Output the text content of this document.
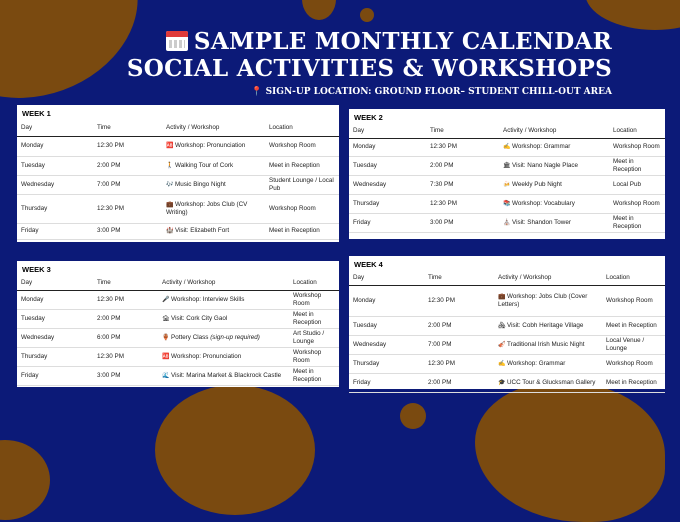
SAMPLE MONTHLY CALENDAR
SOCIAL ACTIVITIES & WORKSHOPS
📍 SIGN-UP LOCATION: GROUND FLOOR– STUDENT CHILL-OUT AREA
WEEK 1
Day	Time	Activity / Workshop	Location
Monday	12:30 PM	🆎 Workshop: Pronunciation	Workshop Room
Tuesday	2:00 PM	🚶 Walking Tour of Cork	Meet in Reception
Wednesday	7:00 PM	🎶 Music Bingo Night	Student Lounge / Local Pub
Thursday	12:30 PM	💼 Workshop: Jobs Club (CV Writing)	Workshop Room
Friday	3:00 PM	🏰 Visit: Elizabeth Fort	Meet in Reception
WEEK 2
Day	Time	Activity / Workshop	Location
Monday	12:30 PM	✍ Workshop: Grammar	Workshop Room
Tuesday	2:00 PM	🏛Visit: Nano Nagle Place	Meet in Reception
Wednesday	7:30 PM	🍻 Weekly Pub Night	Local Pub
Thursday	12:30 PM	📚 Workshop: Vocabulary	Workshop Room
Friday	3:00 PM	⛪ Visit: Shandon Tower	Meet in Reception
WEEK 3
Day	Time	Activity / Workshop	Location
Monday	12:30 PM	🎤 Workshop: Interview Skills	Workshop Room
Tuesday	2:00 PM	🏚Visit: Cork City Gaol	Meet in Reception
Wednesday	6:00 PM	🏺 Pottery Class (sign-up required)	Art Studio / Lounge
Thursday	12:30 PM	🆎 Workshop: Pronunciation	Workshop Room
Friday	3:00 PM	🌊 Visit: Marina Market & Blackrock Castle	Meet in Reception
WEEK 4
Day	Time	Activity / Workshop	Location
Monday	12:30 PM	💼 Workshop: Jobs Club (Cover Letters)	Workshop Room
Tuesday	2:00 PM	🏘Visit: Cobh Heritage Village	Meet in Reception
Wednesday	7:00 PM	🎻 Traditional Irish Music Night	Local Venue / Lounge
Thursday	12:30 PM	✍ Workshop: Grammar	Workshop Room
Friday	2:00 PM	🎓 UCC Tour & Glucksman Gallery	Meet in Reception
